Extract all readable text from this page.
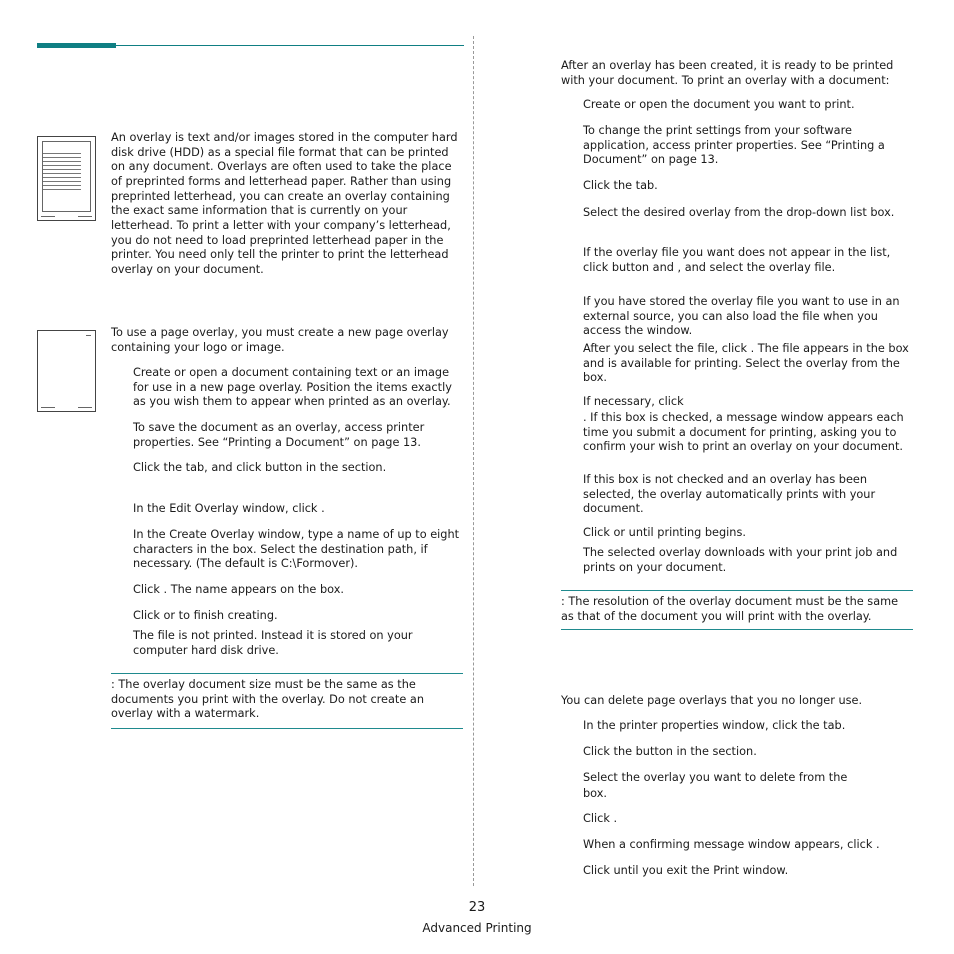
An overlay is text and/or images stored in the computer hard disk drive (HDD) as a special file format that can be printed on any document. Overlays are often used to take the place of preprinted forms and letterhead paper. Rather than using preprinted letterhead, you can create an overlay containing the exact same information that is currently on your letterhead. To print a letter with your company’s letterhead, you do not need to load preprinted letterhead paper in the printer. You need only tell the printer to print the letterhead overlay on your document.

To use a page overlay, you must create a new page overlay containing your logo or image.

Create or open a document containing text or an image for use in a new page overlay. Position the items exactly as you wish them to appear when printed as an overlay.

To save the document as an overlay, access printer properties. See “Printing a Document” on page 13.

Click the tab, and click button in the section.

In the Edit Overlay window, click .

In the Create Overlay window, type a name of up to eight characters in the box. Select the destination path, if necessary. (The default is C:\Formover).

Click . The name appears on the box.

Click or to finish creating.

The file is not printed. Instead it is stored on your computer hard disk drive.

: The overlay document size must be the same as the documents you print with the overlay. Do not create an overlay with a watermark.

After an overlay has been created, it is ready to be printed with your document. To print an overlay with a document:

Create or open the document you want to print.

To change the print settings from your software application, access printer properties. See “Printing a Document” on page 13.

Click the tab.

Select the desired overlay from the drop-down list box.

If the overlay file you want does not appear in the list, click button and , and select the overlay file.

If you have stored the overlay file you want to use in an external source, you can also load the file when you access the window.

After you select the file, click . The file appears in the box and is available for printing. Select the overlay from the box.

If necessary, click

. If this box is checked, a message window appears each time you submit a document for printing, asking you to confirm your wish to print an overlay on your document.

If this box is not checked and an overlay has been selected, the overlay automatically prints with your document.

Click or until printing begins.

The selected overlay downloads with your print job and prints on your document.

: The resolution of the overlay document must be the same as that of the document you will print with the overlay.

You can delete page overlays that you no longer use.

In the printer properties window, click the tab.

Click the button in the section.

Select the overlay you want to delete from the

box.

Click .

When a confirming message window appears, click .

Click until you exit the Print window.

23
Advanced Printing
